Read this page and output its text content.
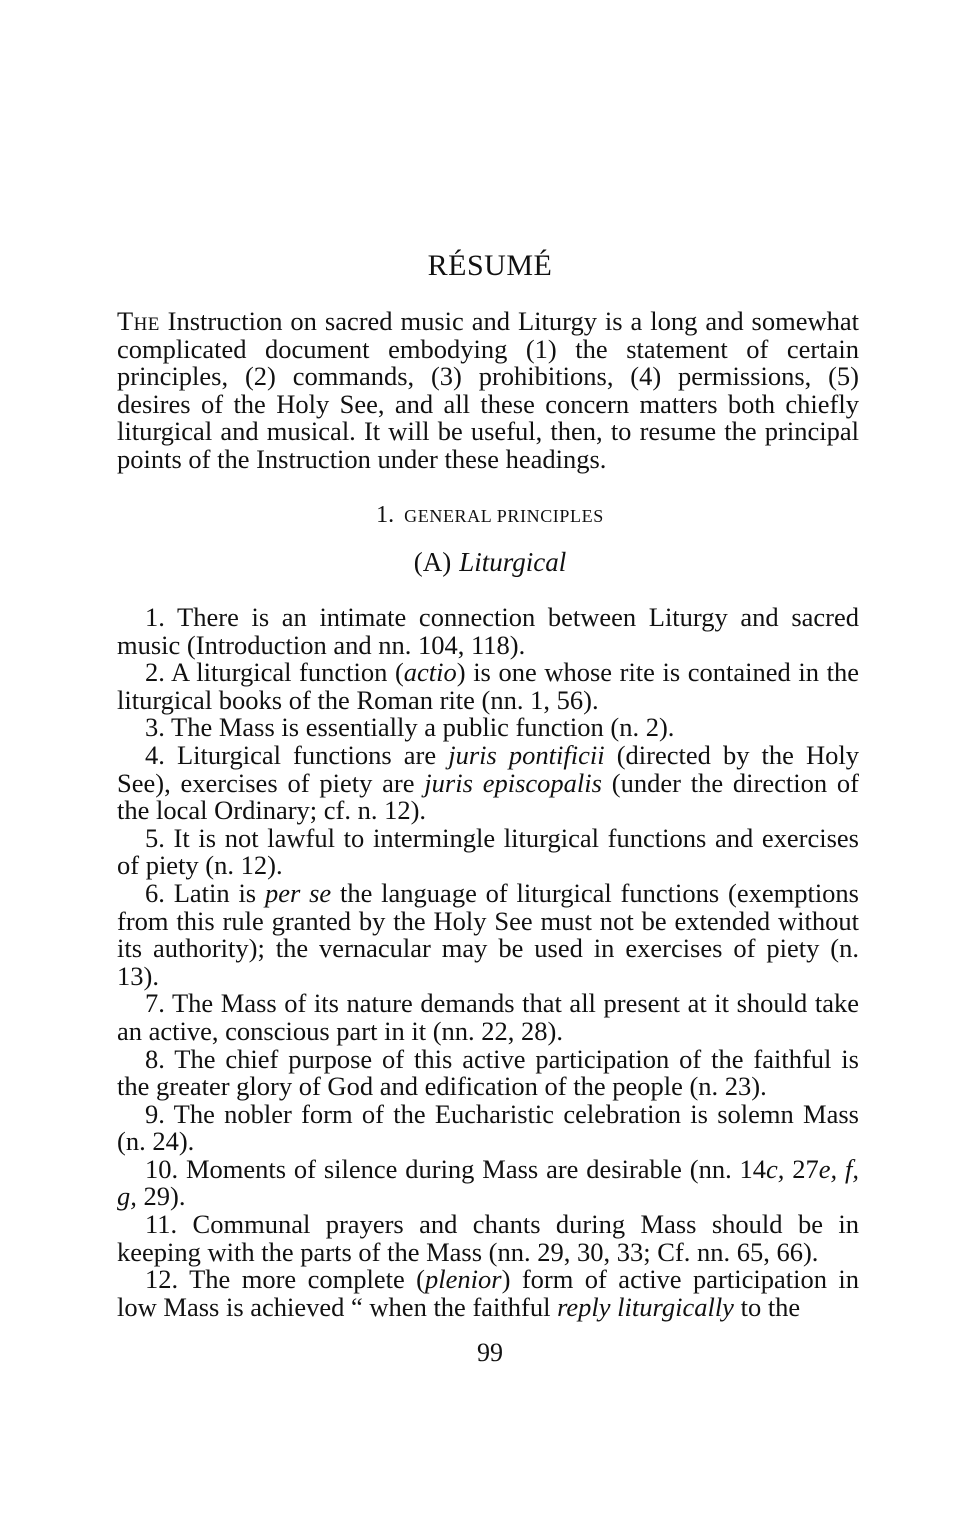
RÉSUMÉ

The Instruction on sacred music and Liturgy is a long and somewhat complicated document embodying (1) the statement of certain principles, (2) commands, (3) prohibitions, (4) permissions, (5) desires of the Holy See, and all these concern matters both chiefly liturgical and musical. It will be useful, then, to resume the principal points of the Instruction under these headings.

1. GENERAL PRINCIPLES
(A) Liturgical

1. There is an intimate connection between Liturgy and sacred music (Introduction and nn. 104, 118).

2. A liturgical function (actio) is one whose rite is contained in the liturgical books of the Roman rite (nn. 1, 56).

3. The Mass is essentially a public function (n. 2).

4. Liturgical functions are juris pontificii (directed by the Holy See), exercises of piety are juris episcopalis (under the direction of the local Ordinary; cf. n. 12).

5. It is not lawful to intermingle liturgical functions and exercises of piety (n. 12).

6. Latin is per se the language of liturgical functions (exemptions from this rule granted by the Holy See must not be extended without its authority); the vernacular may be used in exercises of piety (n. 13).

7. The Mass of its nature demands that all present at it should take an active, conscious part in it (nn. 22, 28).

8. The chief purpose of this active participation of the faithful is the greater glory of God and edification of the people (n. 23).

9. The nobler form of the Eucharistic celebration is solemn Mass (n. 24).

10. Moments of silence during Mass are desirable (nn. 14c, 27e, f, g, 29).

11. Communal prayers and chants during Mass should be in keeping with the parts of the Mass (nn. 29, 30, 33; Cf. nn. 65, 66).

12. The more complete (plenior) form of active participation in low Mass is achieved “ when the faithful reply liturgically to the

99
